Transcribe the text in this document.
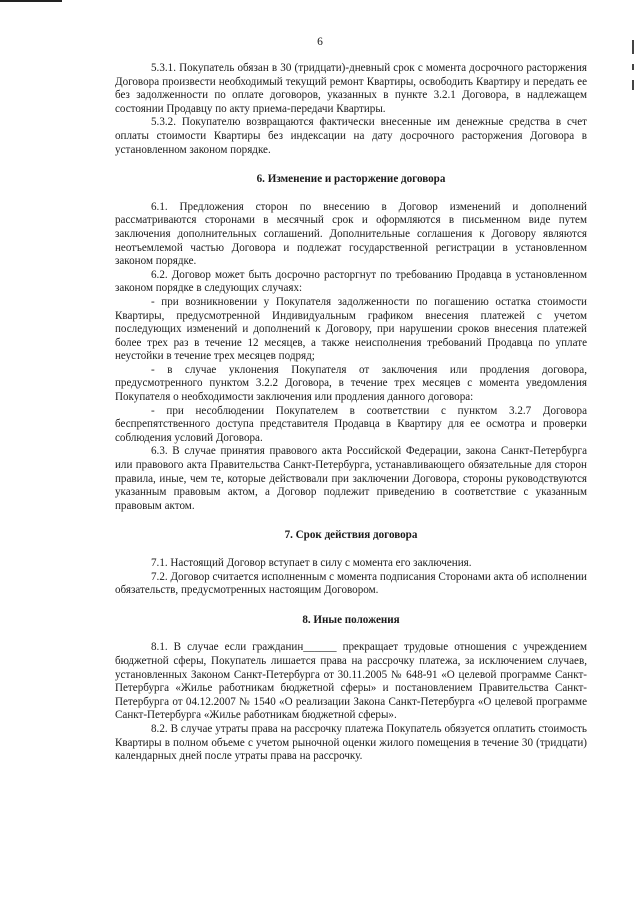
6

5.3.1. Покупатель обязан в 30 (тридцати)-дневный срок с момента досрочного расторжения Договора произвести необходимый текущий ремонт Квартиры, освободить Квартиру и передать ее без задолженности по оплате договоров, указанных в пункте 3.2.1 Договора, в надлежащем состоянии Продавцу по акту приема-передачи Квартиры.

5.3.2. Покупателю возвращаются фактически внесенные им денежные средства в счет оплаты стоимости Квартиры без индексации на дату досрочного расторжения Договора в установленном законом порядке.

6. Изменение и расторжение договора

6.1. Предложения сторон по внесению в Договор изменений и дополнений рассматриваются сторонами в месячный срок и оформляются в письменном виде путем заключения дополнительных соглашений. Дополнительные соглашения к Договору являются неотъемлемой частью Договора и подлежат государственной регистрации в установленном законом порядке.

6.2. Договор может быть досрочно расторгнут по требованию Продавца в установленном законом порядке в следующих случаях:

- при возникновении у Покупателя задолженности по погашению остатка стоимости Квартиры, предусмотренной Индивидуальным графиком внесения платежей с учетом последующих изменений и дополнений к Договору, при нарушении сроков внесения платежей более трех раз в течение 12 месяцев, а также неисполнения требований Продавца по уплате неустойки в течение трех месяцев подряд;

- в случае уклонения Покупателя от заключения или продления договора, предусмотренного пунктом 3.2.2 Договора, в течение трех месяцев с момента уведомления Покупателя о необходимости заключения или продления данного договора:

- при несоблюдении Покупателем в соответствии с пунктом 3.2.7 Договора беспрепятственного доступа представителя Продавца в Квартиру для ее осмотра и проверки соблюдения условий Договора.

6.3. В случае принятия правового акта Российской Федерации, закона Санкт-Петербурга или правового акта Правительства Санкт-Петербурга, устанавливающего обязательные для сторон правила, иные, чем те, которые действовали при заключении Договора, стороны руководствуются указанным правовым актом, а Договор подлежит приведению в соответствие с указанным правовым актом.

7. Срок действия договора

7.1. Настоящий Договор вступает в силу с момента его заключения.

7.2. Договор считается исполненным с момента подписания Сторонами акта об исполнении обязательств, предусмотренных настоящим Договором.

8. Иные положения

8.1. В случае если гражданин______ прекращает трудовые отношения с учреждением бюджетной сферы, Покупатель лишается права на рассрочку платежа, за исключением случаев, установленных Законом Санкт-Петербурга от 30.11.2005 № 648-91 «О целевой программе Санкт-Петербурга «Жилье работникам бюджетной сферы» и постановлением Правительства Санкт-Петербурга от 04.12.2007 № 1540 «О реализации Закона Санкт-Петербурга «О целевой программе Санкт-Петербурга «Жилье работникам бюджетной сферы».

8.2. В случае утраты права на рассрочку платежа Покупатель обязуется оплатить стоимость Квартиры в полном объеме с учетом рыночной оценки жилого помещения в течение 30 (тридцати) календарных дней после утраты права на рассрочку.
